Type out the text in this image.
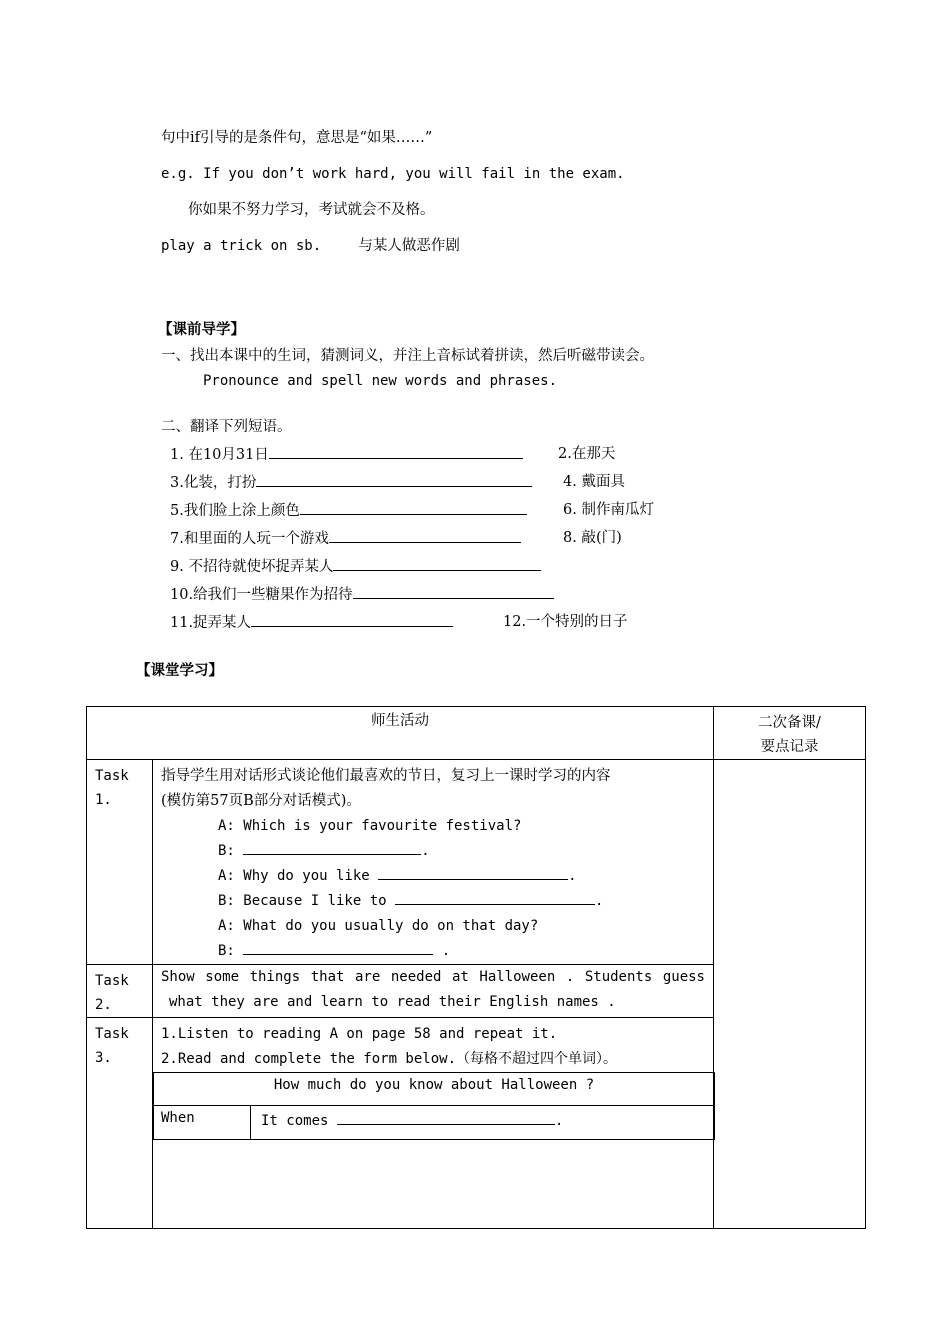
句中if引导的是条件句，意思是“如果……”
e.g. If you don’t work hard, you will fail in the exam.
你如果不努力学习，考试就会不及格。
play a trick on sb.	与某人做恶作剧
【课前导学】
一、找出本课中的生词，猜测词义，并注上音标试着拼读，然后听磁带读会。
Pronounce and spell new words and phrases.
二、翻译下列短语。
1. 在10月31日	2.在那天
3.化装，打扮	4. 戴面具
5.我们脸上涂上颜色	6. 制作南瓜灯
7.和里面的人玩一个游戏	8. 敲(门)
9. 不招待就使坏捉弄某人
10.给我们一些糖果作为招待
11.捉弄某人	12.一个特别的日子
【课堂学习】
师生活动	二次备课/
要点记录

Task
1.

指导学生用对话形式谈论他们最喜欢的节日，复习上一课时学习的内容
(模仿第57页B部分对话模式)。
A: Which is your favourite festival?
B:	.
A: Why do you like	.
B: Because I like to	.
A: What do you usually do on that day?
B:	.

Task
2.

Show some things that are needed at Halloween . Students guess
what they are and learn to read their English names .

Task
3.

1.Listen to reading A on page 58 and repeat it.
2.Read and complete the form below.（每格不超过四个单词）。
How much do you know about Halloween ?
When	It comes	.
